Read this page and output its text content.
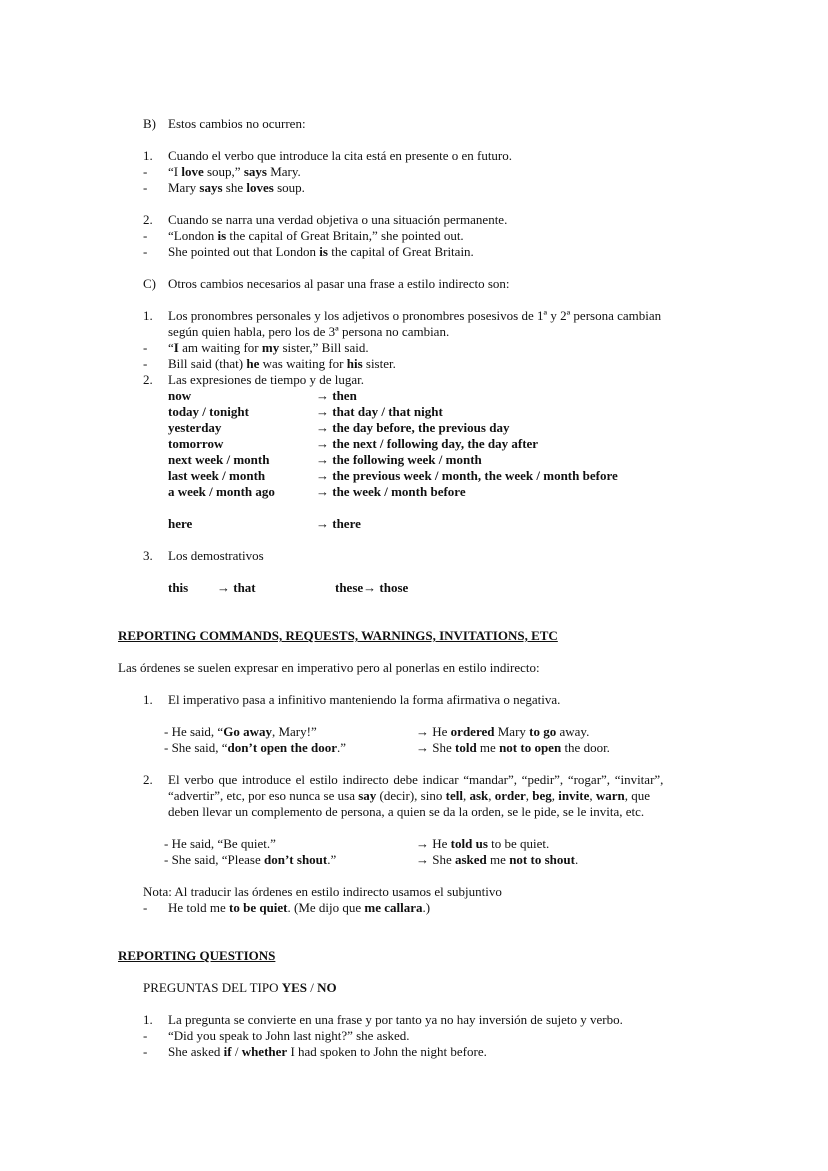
B) Estos cambios no ocurren:
1. Cuando el verbo que introduce la cita está en presente o en futuro.
- “I love soup,” says Mary.
- Mary says she loves soup.
2. Cuando se narra una verdad objetiva o una situación permanente.
- “London is the capital of Great Britain,” she pointed out.
- She pointed out that London is the capital of Great Britain.
C) Otros cambios necesarios al pasar una frase a estilo indirecto son:
1. Los pronombres personales y los adjetivos o pronombres posesivos de 1ª y 2ª persona cambian
según quien habla, pero los de 3ª persona no cambian.
- “I am waiting for my sister,” Bill said.
- Bill said (that) he was waiting for his sister.
2. Las expresiones de tiempo y de lugar.
now	→ then
today / tonight	→ that day / that night
yesterday	→ the day before, the previous day
tomorrow	→ the next / following day, the day after
next week / month	→ the following week / month
last week / month	→ the previous week / month, the week / month before
a week / month ago	→ the week / month before
here	→ there
3. Los demostrativos
this → that	these→ those
REPORTING COMMANDS, REQUESTS, WARNINGS, INVITATIONS, ETC
Las órdenes se suelen expresar en imperativo pero al ponerlas en estilo indirecto:
1. El imperativo pasa a infinitivo manteniendo la forma afirmativa o negativa.
- He said, “Go away, Mary!”	→ He ordered Mary to go away.
- She said, “don’t open the door.”	→ She told me not to open the door.
2. El verbo que introduce el estilo indirecto debe indicar “mandar”, “pedir”, “rogar”, “invitar”,
“advertir”, etc, por eso nunca se usa say (decir), sino tell, ask, order, beg, invite, warn, que
deben llevar un complemento de persona, a quien se da la orden, se le pide, se le invita, etc.
- He said, “Be quiet.”	→ He told us to be quiet.
- She said, “Please don’t shout.”	→ She asked me not to shout.
Nota: Al traducir las órdenes en estilo indirecto usamos el subjuntivo
- He told me to be quiet. (Me dijo que me callara.)
REPORTING QUESTIONS
PREGUNTAS DEL TIPO YES / NO
1. La pregunta se convierte en una frase y por tanto ya no hay inversión de sujeto y verbo.
- “Did you speak to John last night?” she asked.
- She asked if / whether I had spoken to John the night before.
